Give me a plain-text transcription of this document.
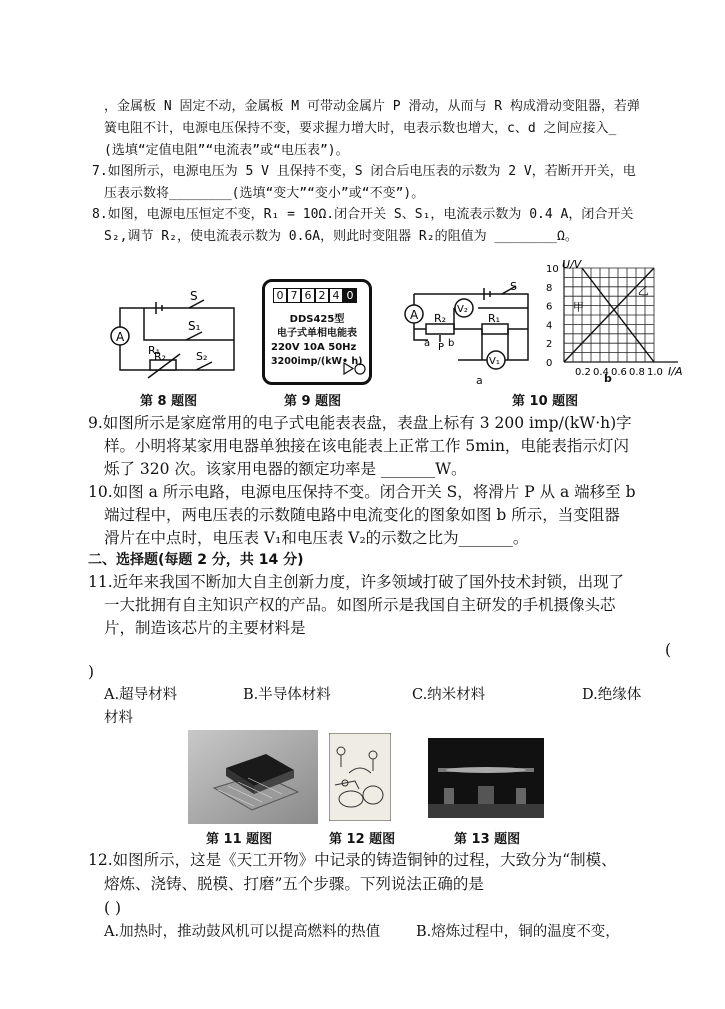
，金属板 N 固定不动，金属板 M 可带动金属片 P 滑动，从而与 R 构成滑动变阻器，若弹
簧电阻不计，电源电压保持不变，要求握力增大时，电表示数也增大，c、d 之间应接入_
(选填“定值电阻”“电流表”或“电压表”)。
7.如图所示，电源电压为 5 V 且保持不变，S 闭合后电压表的示数为 2 V，若断开开关，电
压表示数将________(选填“变大”“变小”或“不变”)。
8.如图，电源电压恒定不变，R₁ = 10Ω.闭合开关 S、S₁，电流表示数为 0.4 A，闭合开关
S₂,调节 R₂，使电流表示数为 0.6A，则此时变阻器 R₂的阻值为 ________Ω。
A
S
S₁
R₁
R₂	S₂
第 8 题图
0 7 6 2 4 0
DDS425型
电子式单相电能表
220V 10A 50Hz
3200imp/(kW• h)
第 9 题图
A	V₂
V₁
S
R₁
R₂
a P b
a
U/V
I/A
甲
乙
10
8
6
4
2
0
0.2 0.4 0.6 0.8 1.0
b
第 10 题图
9.如图所示是家庭常用的电子式电能表表盘，表盘上标有 3 200 imp/(kW·h)字
样。小明将某家用电器单独接在该电能表上正常工作 5min，电能表指示灯闪
烁了 320 次。该家用电器的额定功率是 _______W。
10.如图 a 所示电路，电源电压保持不变。闭合开关 S，将滑片 P 从 a 端移至 b
端过程中，两电压表的示数随电路中电流变化的图象如图 b 所示，当变阻器
滑片在中点时，电压表 V₁和电压表 V₂的示数之比为_______。
二、选择题(每题 2 分，共 14 分)
11.近年来我国不断加大自主创新力度，许多领域打破了国外技术封锁，出现了
一大批拥有自主知识产权的产品。如图所示是我国自主研发的手机摄像头芯
片，制造该芯片的主要材料是
(
)
A.超导材料	B.半导体材料	C.纳米材料	D.绝缘体
材料
第 11 题图	第 12 题图	第 13 题图
12.如图所示，这是《天工开物》中记录的铸造铜钟的过程，大致分为“制模、
熔炼、浇铸、脱模、打磨”五个步骤。下列说法正确的是
( )
A.加热时，推动鼓风机可以提高燃料的热值 B.熔炼过程中，铜的温度不变，
